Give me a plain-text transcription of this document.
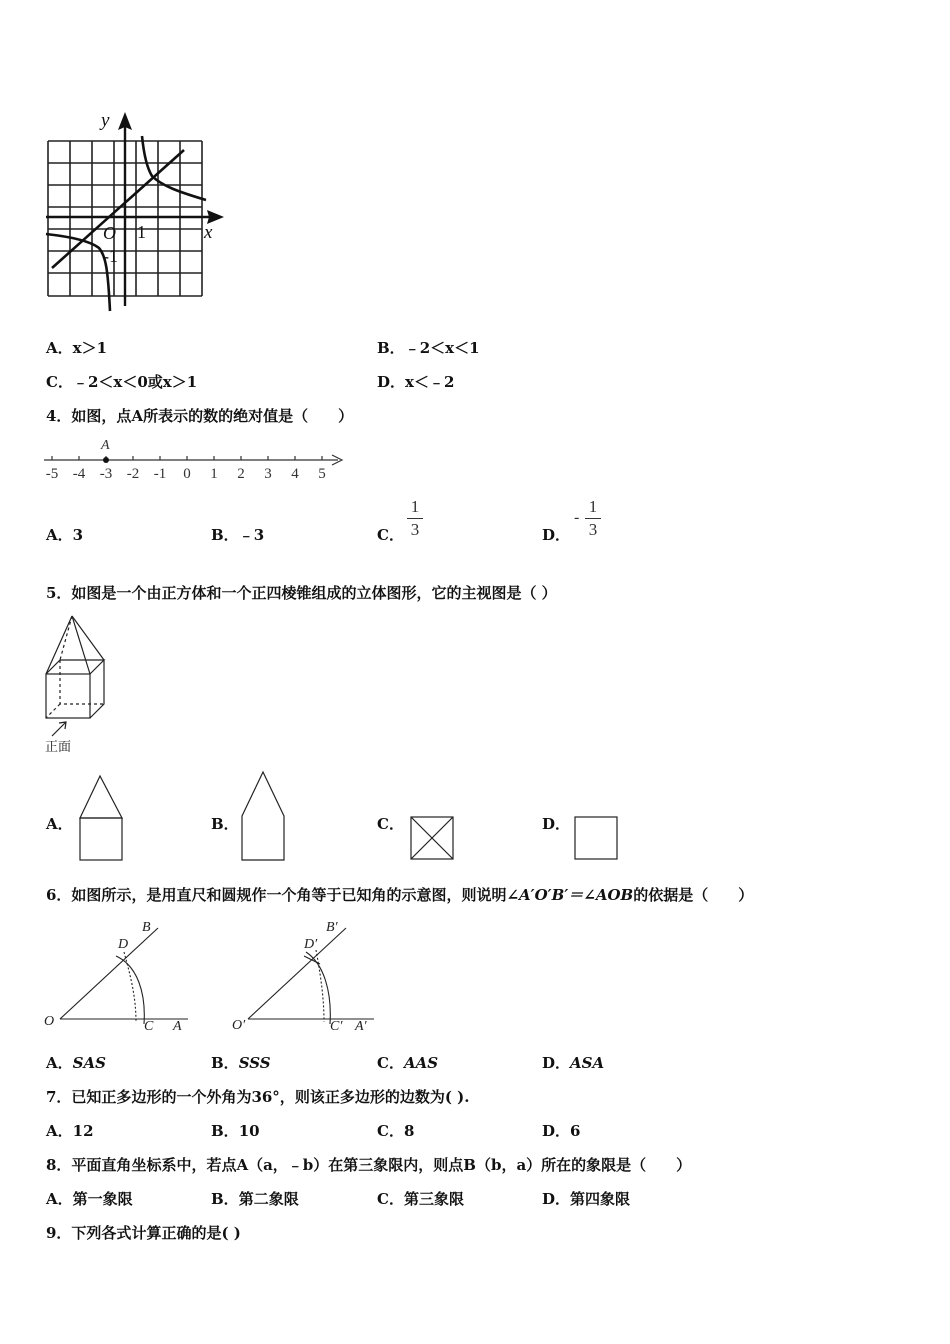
y
x
O 1
-1
A．x＞1	B．﹣2＜x＜1
C．﹣2＜x＜0或x＞1	D．x＜﹣2
4．如图，点A所表示的数的绝对值是（　　）
-5 -4 -3 -2 -1 0 1 2 3 4 5
A
A．3	B．﹣3	C．
1
3	D．
-
1
3
5．如图是一个由正方体和一个正四棱锥组成的立体图形，它的主视图是（ ）
正面
A．	B．	C．	D．
6．如图所示，是用直尺和圆规作一个角等于已知角的示意图，则说明∠A′O′B′＝∠AOB的依据是（　　）
B
D
O	C A
B′
D′
O′	C′ A′
A．SAS	B．SSS	C．AAS	D．ASA
7．已知正多边形的一个外角为36°，则该正多边形的边数为( ).
A．12	B．10	C．8	D．6
8．平面直角坐标系中，若点A（a，﹣b）在第三象限内，则点B（b，a）所在的象限是（　　）
A．第一象限	B．第二象限	C．第三象限	D．第四象限
9．下列各式计算正确的是( )
